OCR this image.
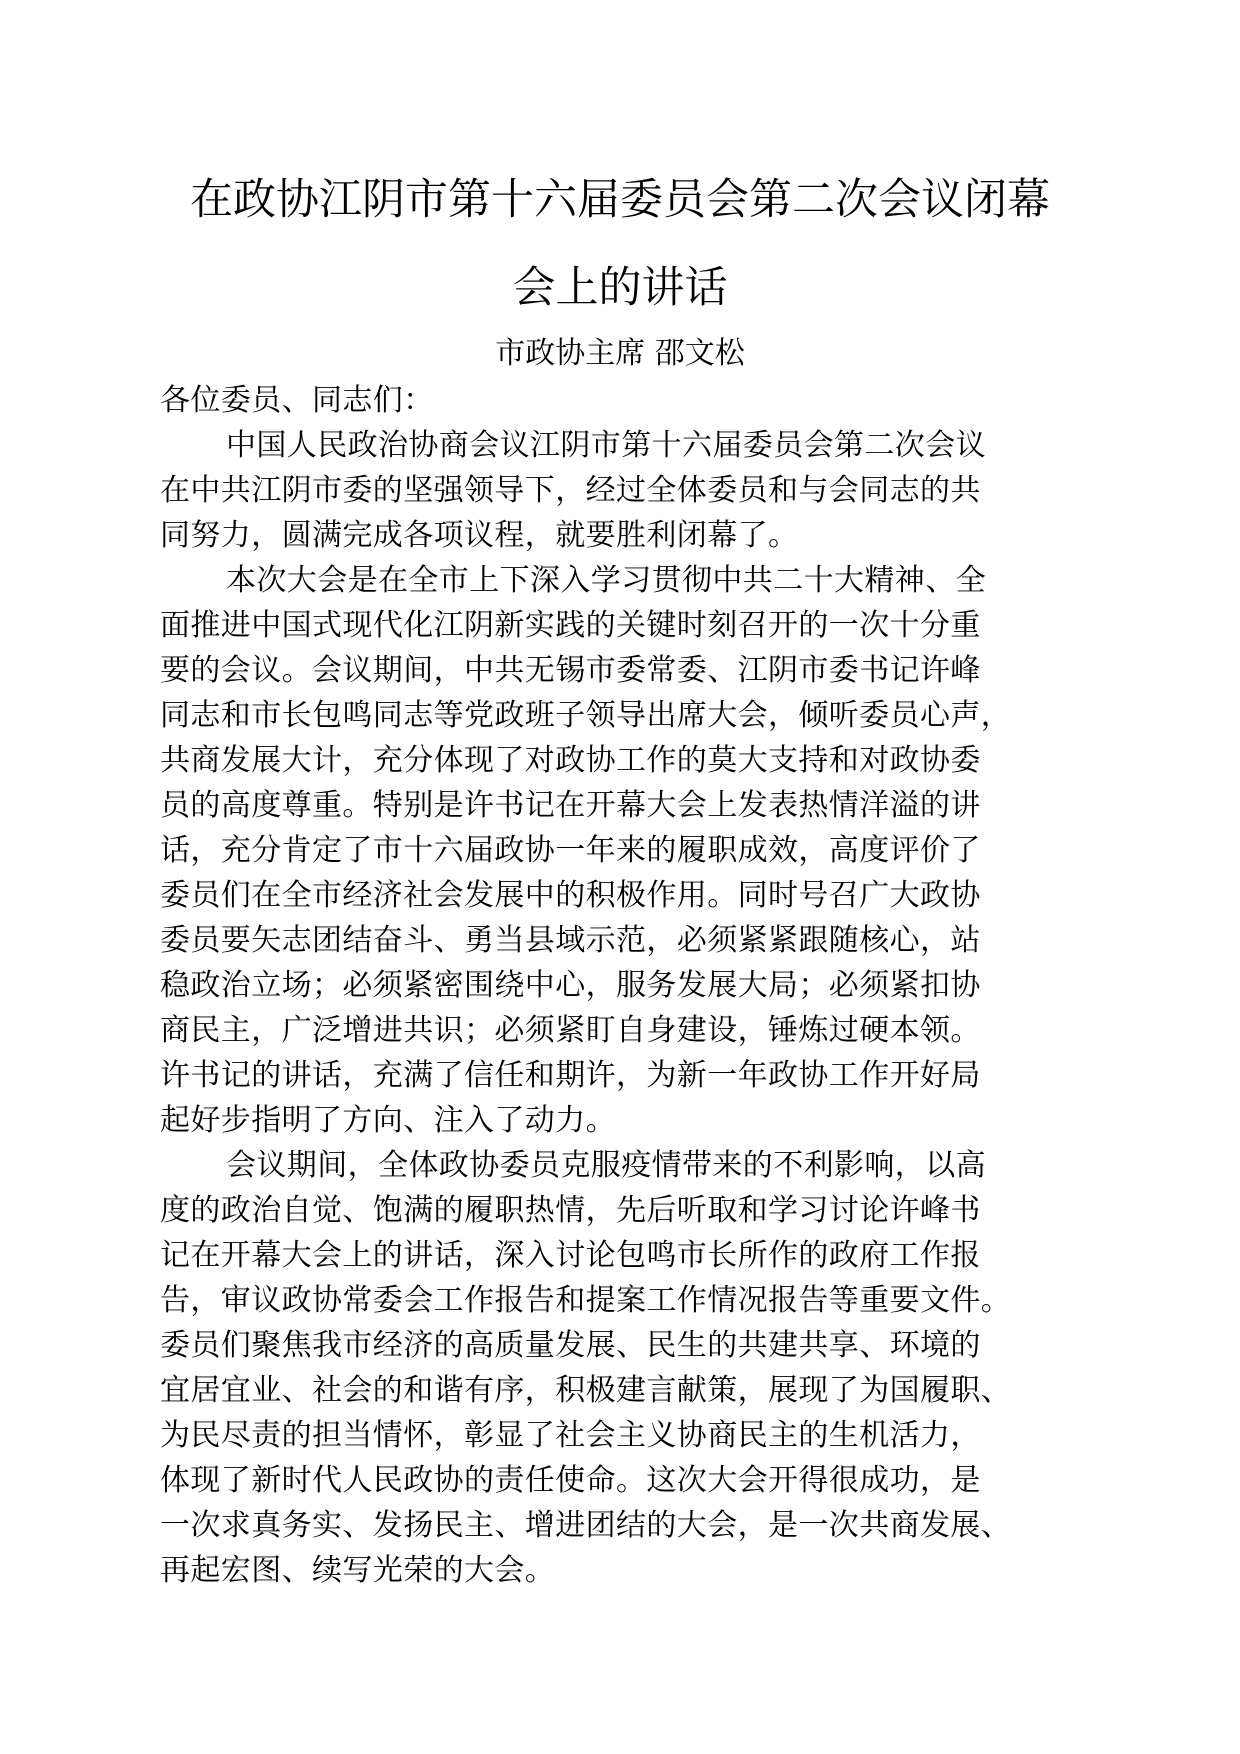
在政协江阴市第十六届委员会第二次会议闭幕
会上的讲话
市政协主席 邵文松
各位委员、同志们：
中国人民政治协商会议江阴市第十六届委员会第二次会议
在中共江阴市委的坚强领导下，经过全体委员和与会同志的共
同努力，圆满完成各项议程，就要胜利闭幕了。
本次大会是在全市上下深入学习贯彻中共二十大精神、全
面推进中国式现代化江阴新实践的关键时刻召开的一次十分重
要的会议。会议期间，中共无锡市委常委、江阴市委书记许峰
同志和市长包鸣同志等党政班子领导出席大会，倾听委员心声，
共商发展大计，充分体现了对政协工作的莫大支持和对政协委
员的高度尊重。特别是许书记在开幕大会上发表热情洋溢的讲
话，充分肯定了市十六届政协一年来的履职成效，高度评价了
委员们在全市经济社会发展中的积极作用。同时号召广大政协
委员要矢志团结奋斗、勇当县域示范，必须紧紧跟随核心，站
稳政治立场；必须紧密围绕中心，服务发展大局；必须紧扣协
商民主，广泛增进共识；必须紧盯自身建设，锤炼过硬本领。
许书记的讲话，充满了信任和期许，为新一年政协工作开好局
起好步指明了方向、注入了动力。
会议期间，全体政协委员克服疫情带来的不利影响，以高
度的政治自觉、饱满的履职热情，先后听取和学习讨论许峰书
记在开幕大会上的讲话，深入讨论包鸣市长所作的政府工作报
告，审议政协常委会工作报告和提案工作情况报告等重要文件。
委员们聚焦我市经济的高质量发展、民生的共建共享、环境的
宜居宜业、社会的和谐有序，积极建言献策，展现了为国履职、
为民尽责的担当情怀，彰显了社会主义协商民主的生机活力，
体现了新时代人民政协的责任使命。这次大会开得很成功，是
一次求真务实、发扬民主、增进团结的大会，是一次共商发展、
再起宏图、续写光荣的大会。
